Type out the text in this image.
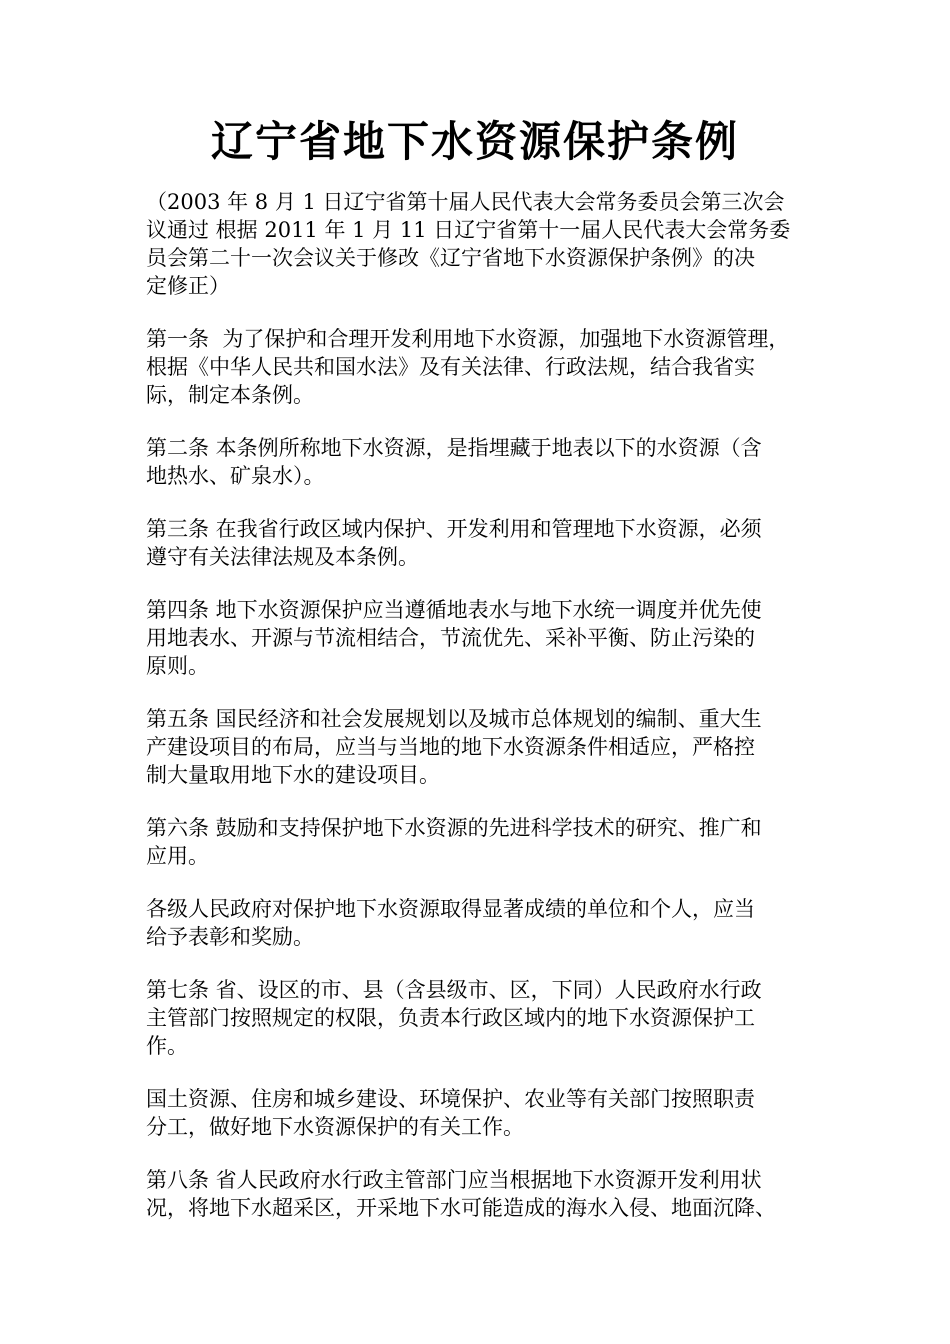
辽宁省地下水资源保护条例

（2003 年 8 月 1 日辽宁省第十届人民代表大会常务委员会第三次会
议通过 根据 2011 年 1 月 11 日辽宁省第十一届人民代表大会常务委
员会第二十一次会议关于修改《辽宁省地下水资源保护条例》的决
定修正）

第一条  为了保护和合理开发利用地下水资源，加强地下水资源管理，
根据《中华人民共和国水法》及有关法律、行政法规，结合我省实
际，制定本条例。

第二条 本条例所称地下水资源，是指埋藏于地表以下的水资源（含
地热水、矿泉水）。

第三条 在我省行政区域内保护、开发利用和管理地下水资源，必须
遵守有关法律法规及本条例。

第四条 地下水资源保护应当遵循地表水与地下水统一调度并优先使
用地表水、开源与节流相结合，节流优先、采补平衡、防止污染的
原则。

第五条 国民经济和社会发展规划以及城市总体规划的编制、重大生
产建设项目的布局，应当与当地的地下水资源条件相适应，严格控
制大量取用地下水的建设项目。

第六条 鼓励和支持保护地下水资源的先进科学技术的研究、推广和
应用。

各级人民政府对保护地下水资源取得显著成绩的单位和个人，应当
给予表彰和奖励。

第七条 省、设区的市、县（含县级市、区，下同）人民政府水行政
主管部门按照规定的权限，负责本行政区域内的地下水资源保护工
作。

国土资源、住房和城乡建设、环境保护、农业等有关部门按照职责
分工，做好地下水资源保护的有关工作。

第八条 省人民政府水行政主管部门应当根据地下水资源开发利用状
况，将地下水超采区，开采地下水可能造成的海水入侵、地面沉降、
